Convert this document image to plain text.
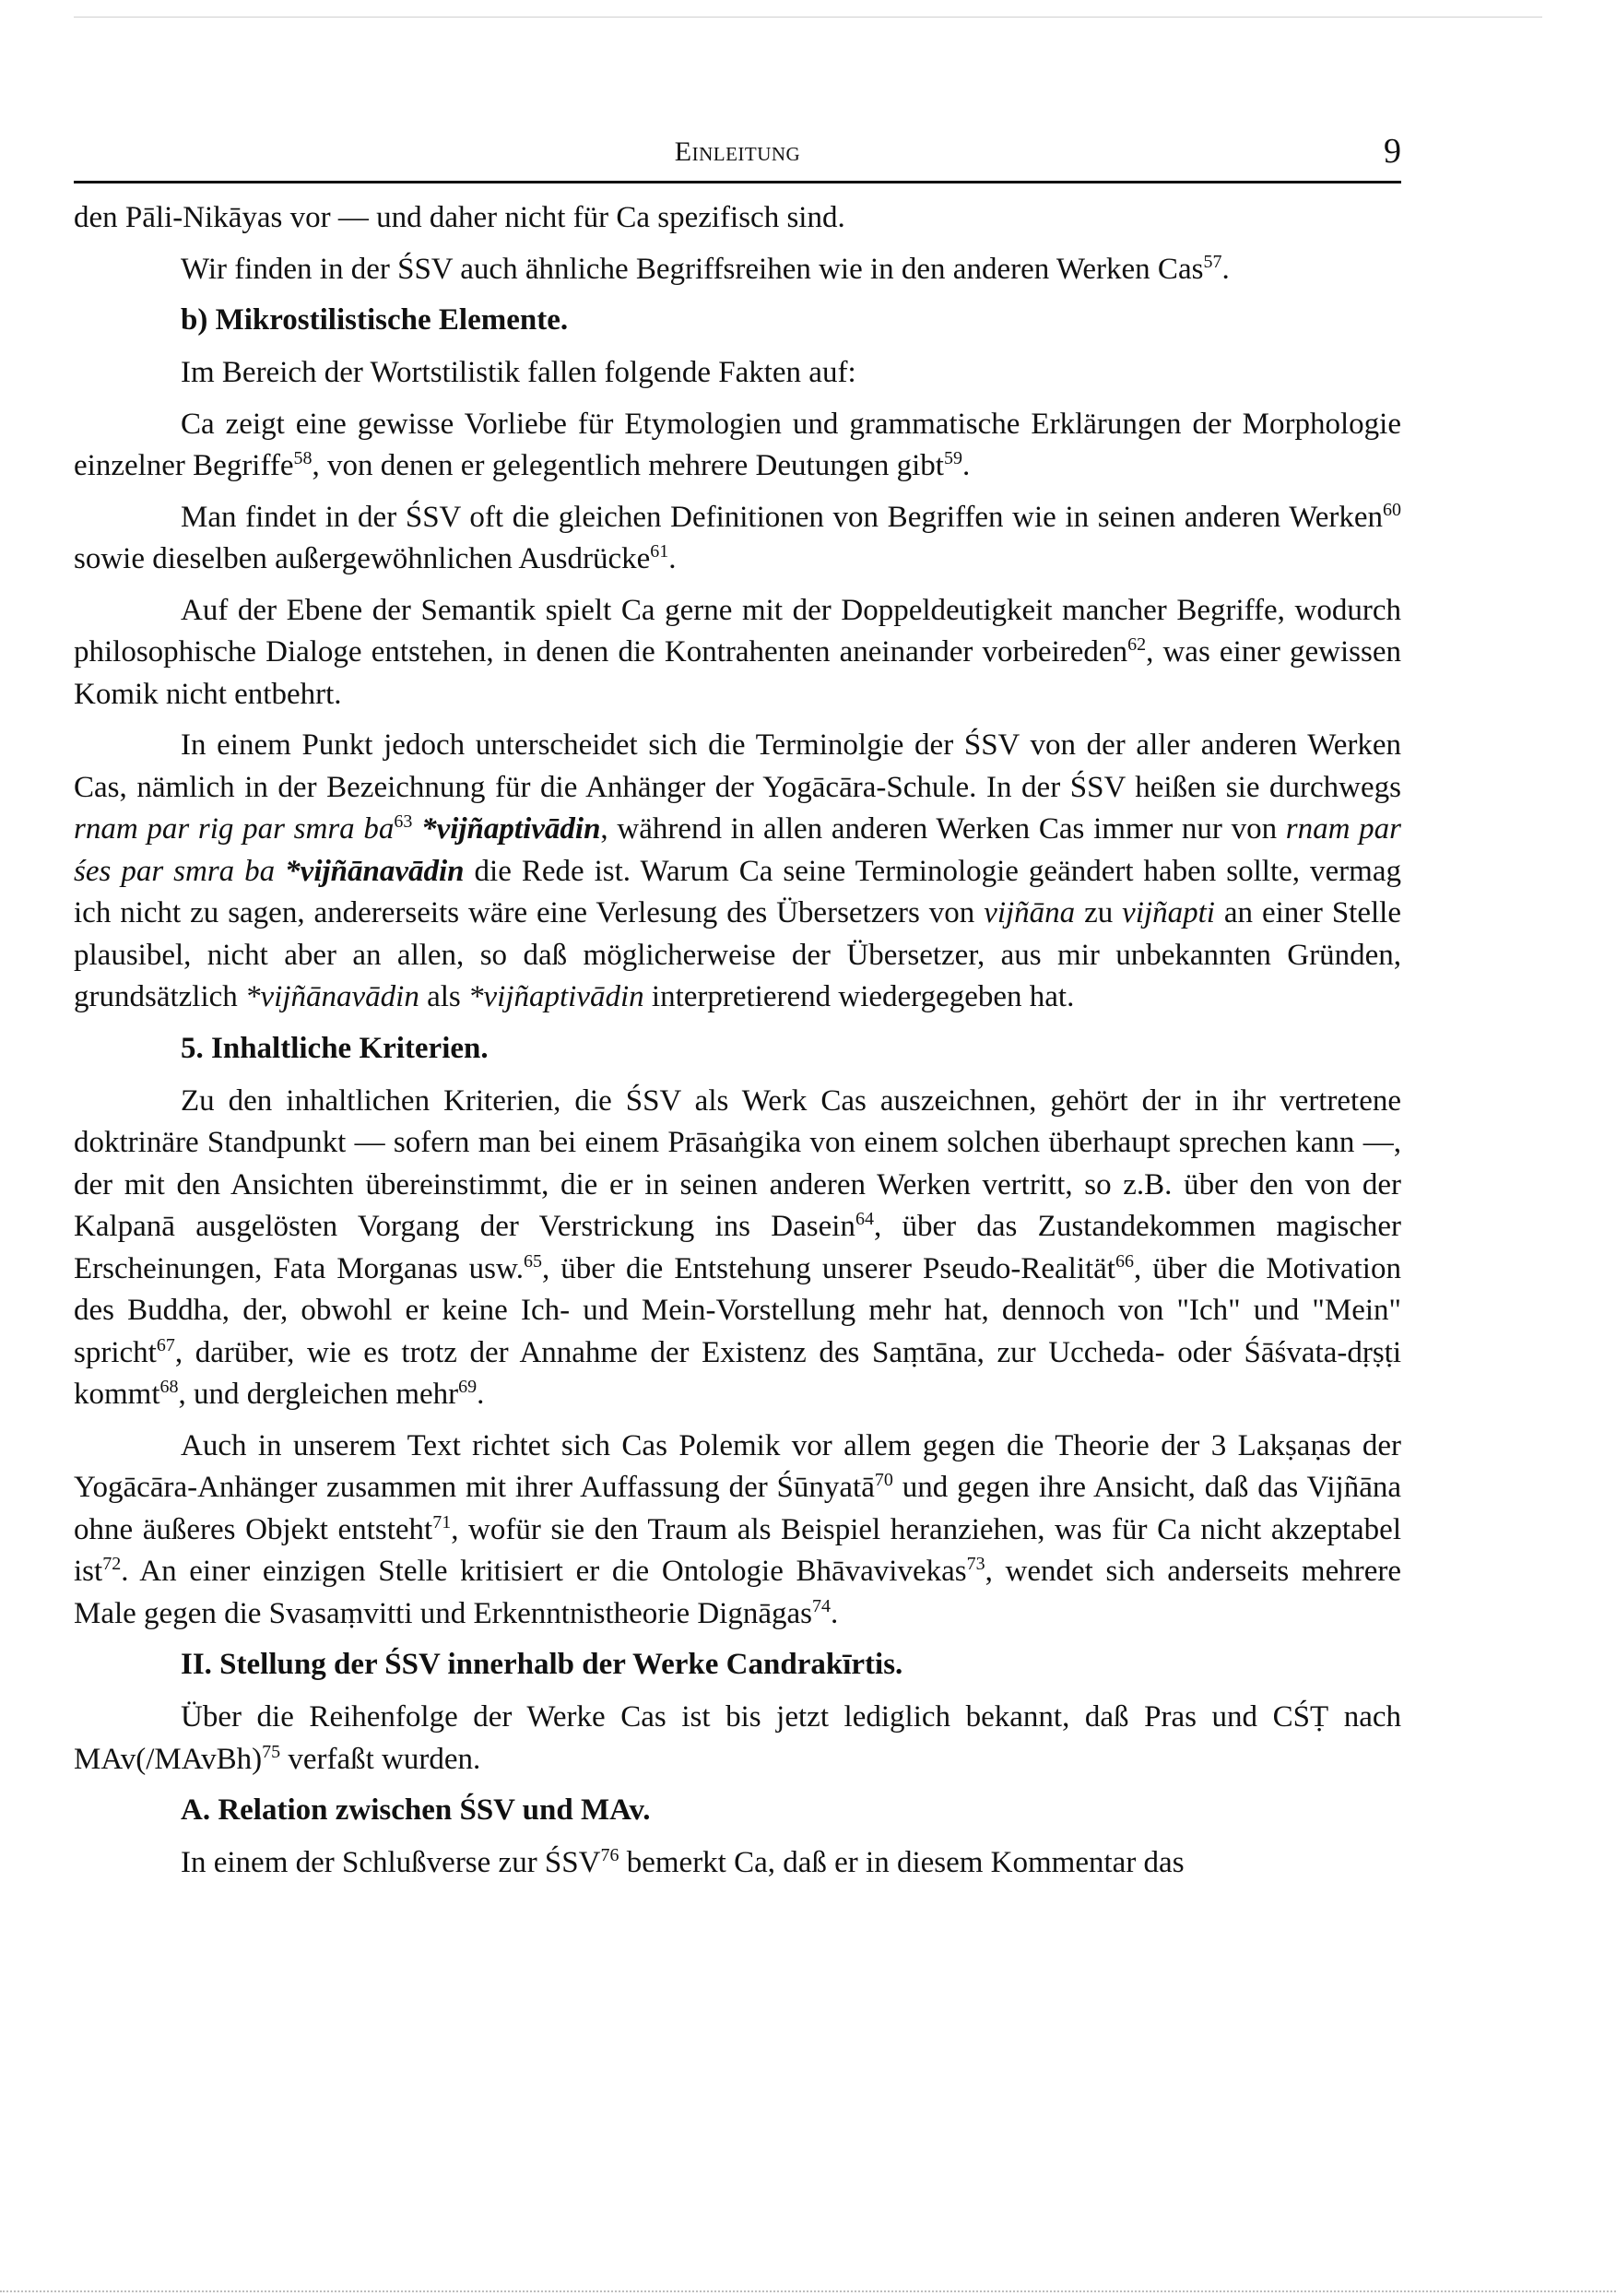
Einleitung	9

den Pāli-Nikāyas vor — und daher nicht für Ca spezifisch sind.

Wir finden in der ŚSV auch ähnliche Begriffsreihen wie in den anderen Werken Cas$^{57}$.

b) Mikrostilistische Elemente.

Im Bereich der Wortstilistik fallen folgende Fakten auf:

Ca zeigt eine gewisse Vorliebe für Etymologien und grammatische Erklärungen der Morphologie einzelner Begriffe$^{58}$, von denen er gelegentlich mehrere Deutungen gibt$^{59}$.

Man findet in der ŚSV oft die gleichen Definitionen von Begriffen wie in seinen anderen Werken$^{60}$ sowie dieselben außergewöhnlichen Ausdrücke$^{61}$.

Auf der Ebene der Semantik spielt Ca gerne mit der Doppeldeutigkeit mancher Begriffe, wodurch philosophische Dialoge entstehen, in denen die Kontrahenten aneinander vorbeireden$^{62}$, was einer gewissen Komik nicht entbehrt.

In einem Punkt jedoch unterscheidet sich die Terminolgie der ŚSV von der aller anderen Werken Cas, nämlich in der Bezeichnung für die Anhänger der Yogācāra-Schule. In der ŚSV heißen sie durchwegs rnam par rig par smra ba$^{63}$ *vijñaptivādin, während in allen anderen Werken Cas immer nur von rnam par śes par smra ba *vijñānavādin die Rede ist. Warum Ca seine Terminologie geändert haben sollte, vermag ich nicht zu sagen, andererseits wäre eine Verlesung des Übersetzers von vijñāna zu vijñapti an einer Stelle plausibel, nicht aber an allen, so daß möglicherweise der Übersetzer, aus mir unbekannten Gründen, grundsätzlich *vijñānavādin als *vijñaptivādin interpretierend wiedergegeben hat.

5. Inhaltliche Kriterien.

Zu den inhaltlichen Kriterien, die ŚSV als Werk Cas auszeichnen, gehört der in ihr vertretene doktrinäre Standpunkt — sofern man bei einem Prāsaṅgika von einem solchen überhaupt sprechen kann —, der mit den Ansichten übereinstimmt, die er in seinen anderen Werken vertritt, so z.B. über den von der Kalpanā ausgelösten Vorgang der Verstrickung ins Dasein$^{64}$, über das Zustandekommen magischer Erscheinungen, Fata Morganas usw.$^{65}$, über die Entstehung unserer Pseudo-Realität$^{66}$, über die Motivation des Buddha, der, obwohl er keine Ich- und Mein-Vorstellung mehr hat, dennoch von "Ich" und "Mein" spricht$^{67}$, darüber, wie es trotz der Annahme der Existenz des Saṃtāna, zur Uccheda- oder Śāśvata-dṛṣṭi kommt$^{68}$, und dergleichen mehr$^{69}$.

Auch in unserem Text richtet sich Cas Polemik vor allem gegen die Theorie der 3 Lakṣaṇas der Yogācāra-Anhänger zusammen mit ihrer Auffassung der Śūnyatā$^{70}$ und gegen ihre Ansicht, daß das Vijñāna ohne äußeres Objekt entsteht$^{71}$, wofür sie den Traum als Beispiel heranziehen, was für Ca nicht akzeptabel ist$^{72}$. An einer einzigen Stelle kritisiert er die Ontologie Bhāvavivekas$^{73}$, wendet sich anderseits mehrere Male gegen die Svasaṃvitti und Erkenntnistheorie Dignāgas$^{74}$.

II. Stellung der ŚSV innerhalb der Werke Candrakīrtis.

Über die Reihenfolge der Werke Cas ist bis jetzt lediglich bekannt, daß Pras und CŚṬ nach MAv(/MAvBh)$^{75}$ verfaßt wurden.

A. Relation zwischen ŚSV und MAv.

In einem der Schlußverse zur ŚSV$^{76}$ bemerkt Ca, daß er in diesem Kommentar das
